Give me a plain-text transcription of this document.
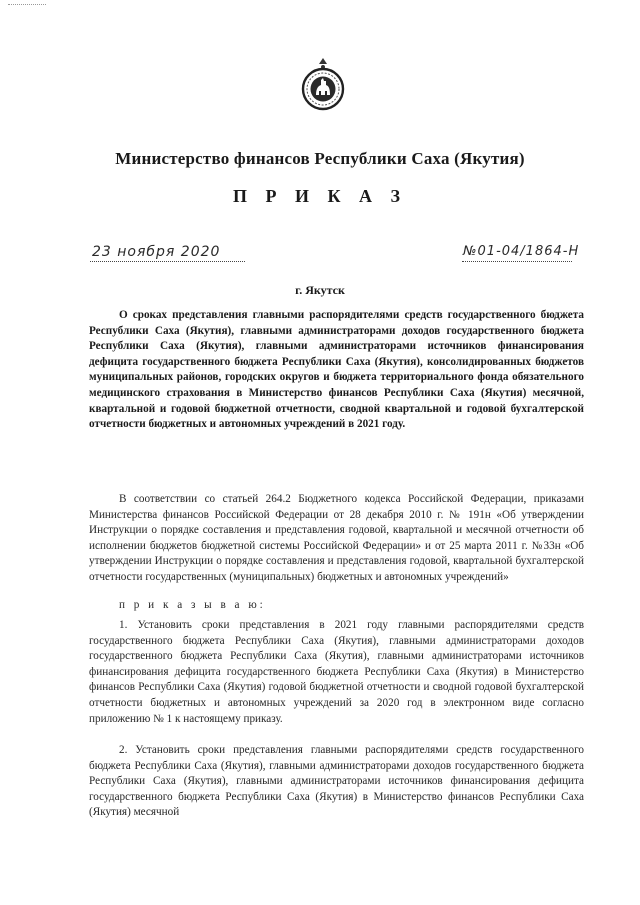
Министерство финансов Республики Саха (Якутия)
П Р И К А З
23 ноября 2020	№01-04/1864-Н
г. Якутск
О сроках представления главными распорядителями средств государственного бюджета Республики Саха (Якутия), главными администраторами доходов государственного бюджета Республики Саха (Якутия), главными администраторами источников финансирования дефицита государственного бюджета Республики Саха (Якутия), консолидированных бюджетов муниципальных районов, городских округов и бюджета территориального фонда обязательного медицинского страхования в Министерство финансов Республики Саха (Якутия) месячной, квартальной и годовой бюджетной отчетности, сводной квартальной и годовой бухгалтерской отчетности бюджетных и автономных учреждений в 2021 году.
В соответствии со статьей 264.2 Бюджетного кодекса Российской Федерации, приказами Министерства финансов Российской Федерации от 28 декабря 2010 г. № 191н «Об утверждении Инструкции о порядке составления и представления годовой, квартальной и месячной отчетности об исполнении бюджетов бюджетной системы Российской Федерации» и от 25 марта 2011 г. №33н «Об утверждении Инструкции о порядке составления и представления годовой, квартальной бухгалтерской отчетности государственных (муниципальных) бюджетных и автономных учреждений»
п р и к а з ы в а ю:
1. Установить сроки представления в 2021 году главными распорядителями средств государственного бюджета Республики Саха (Якутия), главными администраторами доходов государственного бюджета Республики Саха (Якутия), главными администраторами источников финансирования дефицита государственного бюджета Республики Саха (Якутия) в Министерство финансов Республики Саха (Якутия) годовой бюджетной отчетности и сводной годовой бухгалтерской отчетности бюджетных и автономных учреждений за 2020 год в электронном виде согласно приложению № 1 к настоящему приказу.
2. Установить сроки представления главными распорядителями средств государственного бюджета Республики Саха (Якутия), главными администраторами доходов государственного бюджета Республики Саха (Якутия), главными администраторами источников финансирования дефицита государственного бюджета Республики Саха (Якутия) в Министерство финансов Республики Саха (Якутия) месячной
